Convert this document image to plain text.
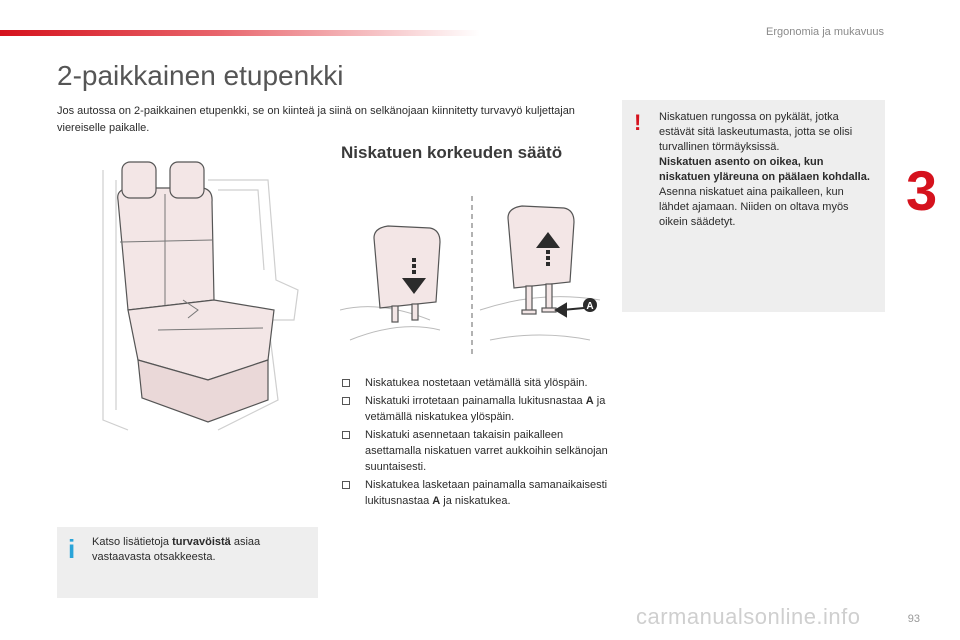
Ergonomia ja mukavuus
3
2-paikkainen etupenkki
Jos autossa on 2-paikkainen etupenkki, se on kiinteä ja siinä on selkänojaan kiinnitetty turvavyö kuljettajan viereiselle paikalle.
Niskatuen korkeuden säätö
A
Niskatukea nostetaan vetämällä sitä ylöspäin.
Niskatuki irrotetaan painamalla lukitusnastaa A ja vetämällä niskatukea ylöspäin.
Niskatuki asennetaan takaisin paikalleen asettamalla niskatuen varret aukkoihin selkänojan suuntaisesti.
Niskatukea lasketaan painamalla samanaikaisesti lukitusnastaa A ja niskatukea.
! Niskatuen rungossa on pykälät, jotka estävät sitä laskeutumasta, jotta se olisi turvallinen törmäyksissä.
Niskatuen asento on oikea, kun niskatuen yläreuna on päälaen kohdalla.
Asenna niskatuet aina paikalleen, kun lähdet ajamaan. Niiden on oltava myös oikein säädetyt.
i Katso lisätietoja turvavöistä asiaa vastaavasta otsakkeesta.
carmanualsonline.info	93
